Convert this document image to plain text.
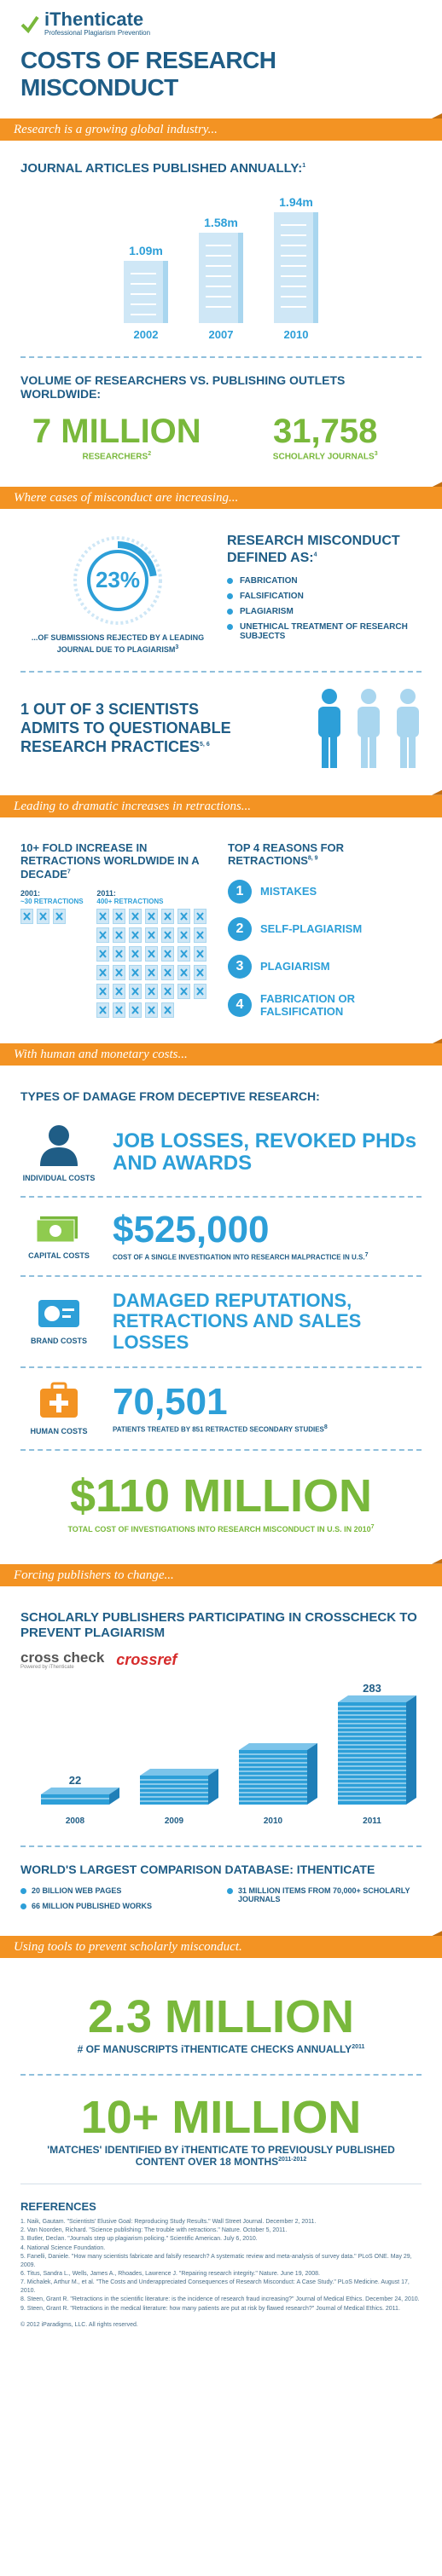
iThenticate
Professional Plagiarism Prevention
COSTS OF RESEARCH MISCONDUCT
Research is a growing global industry...
JOURNAL ARTICLES PUBLISHED ANNUALLY:$^1$
1.09m
2002
1.58m
2007
1.94m
2010
VOLUME OF RESEARCHERS VS. PUBLISHING OUTLETS WORLDWIDE:
7 MILLION
RESEARCHERS$^2$
31,758
SCHOLARLY JOURNALS$^3$
Where cases of misconduct are increasing...
23%
...OF SUBMISSIONS REJECTED BY A LEADING JOURNAL DUE TO PLAGIARISM$^3$
RESEARCH MISCONDUCT DEFINED AS:$^4$
FABRICATION
FALSIFICATION
PLAGIARISM
UNETHICAL TREATMENT OF RESEARCH SUBJECTS
1 OUT OF 3 SCIENTISTS ADMITS TO QUESTIONABLE RESEARCH PRACTICES$^{5, 6}$
Leading to dramatic increases in retractions...
10+ FOLD INCREASE IN RETRACTIONS WORLDWIDE IN A DECADE$^7$
2001:
~30 RETRACTIONS
2011:
400+ RETRACTIONS
TOP 4 REASONS FOR RETRACTIONS$^{8, 9}$
1	MISTAKES
2	SELF-PLAGIARISM
3	PLAGIARISM
4	FABRICATION OR FALSIFICATION
With human and monetary costs...
TYPES OF DAMAGE FROM DECEPTIVE RESEARCH:
INDIVIDUAL COSTS
JOB LOSSES, REVOKED PHDs AND AWARDS
CAPITAL COSTS
$525,000
COST OF A SINGLE INVESTIGATION INTO RESEARCH MALPRACTICE IN U.S.$^7$
BRAND COSTS
DAMAGED REPUTATIONS, RETRACTIONS AND SALES LOSSES
HUMAN COSTS
70,501
PATIENTS TREATED BY 851 RETRACTED SECONDARY STUDIES$^8$
$110 MILLION
TOTAL COST OF INVESTIGATIONS INTO RESEARCH MISCONDUCT IN U.S. IN 2010$^7$
Forcing publishers to change...
SCHOLARLY PUBLISHERS PARTICIPATING IN CROSSCHECK TO PREVENT PLAGIARISM
cross check
Powered by iThenticate	crossref
22
2008	2009	2010
283
2011
WORLD'S LARGEST COMPARISON DATABASE: ITHENTICATE
20 BILLION WEB PAGES	31 MILLION ITEMS FROM 70,000+ SCHOLARLY JOURNALS
66 MILLION PUBLISHED WORKS
Using tools to prevent scholarly misconduct.
2.3 MILLION
# OF MANUSCRIPTS iTHENTICATE CHECKS $ANNUALLY^{2011}$
10+ MILLION
'MATCHES' IDENTIFIED BY iTHENTICATE TO PREVIOUSLY PUBLISHED CONTENT OVER 18 $MONTHS^{2011-2012}$
REFERENCES
1. Naik, Gautam. "Scientists' Elusive Goal: Reproducing Study Results." Wall Street Journal. December 2, 2011.
2. Van Noorden, Richard. "Science publishing: The trouble with retractions." Nature. October 5, 2011.
3. Butler, Declan. "Journals step up plagiarism policing." Scientific American. July 6, 2010.
4. National Science Foundation.
5. Fanelli, Daniele. "How many scientists fabricate and falsify research? A systematic review and meta-analysis of survey data." PLoS ONE. May 29, 2009.
6. Titus, Sandra L., Wells, James A., Rhoades, Lawrence J. "Repairing research integrity." Nature. June 19, 2008.
7. Michalek, Arthur M., et al. "The Costs and Underappreciated Consequences of Research Misconduct: A Case Study." PLoS Medicine. August 17, 2010.
8. Steen, Grant R. "Retractions in the scientific literature: is the incidence of research fraud increasing?" Journal of Medical Ethics. December 24, 2010.
9. Steen, Grant R. "Retractions in the medical literature: how many patients are put at risk by flawed research?" Journal of Medical Ethics. 2011.
© 2012 iParadigms, LLC. All rights reserved.
